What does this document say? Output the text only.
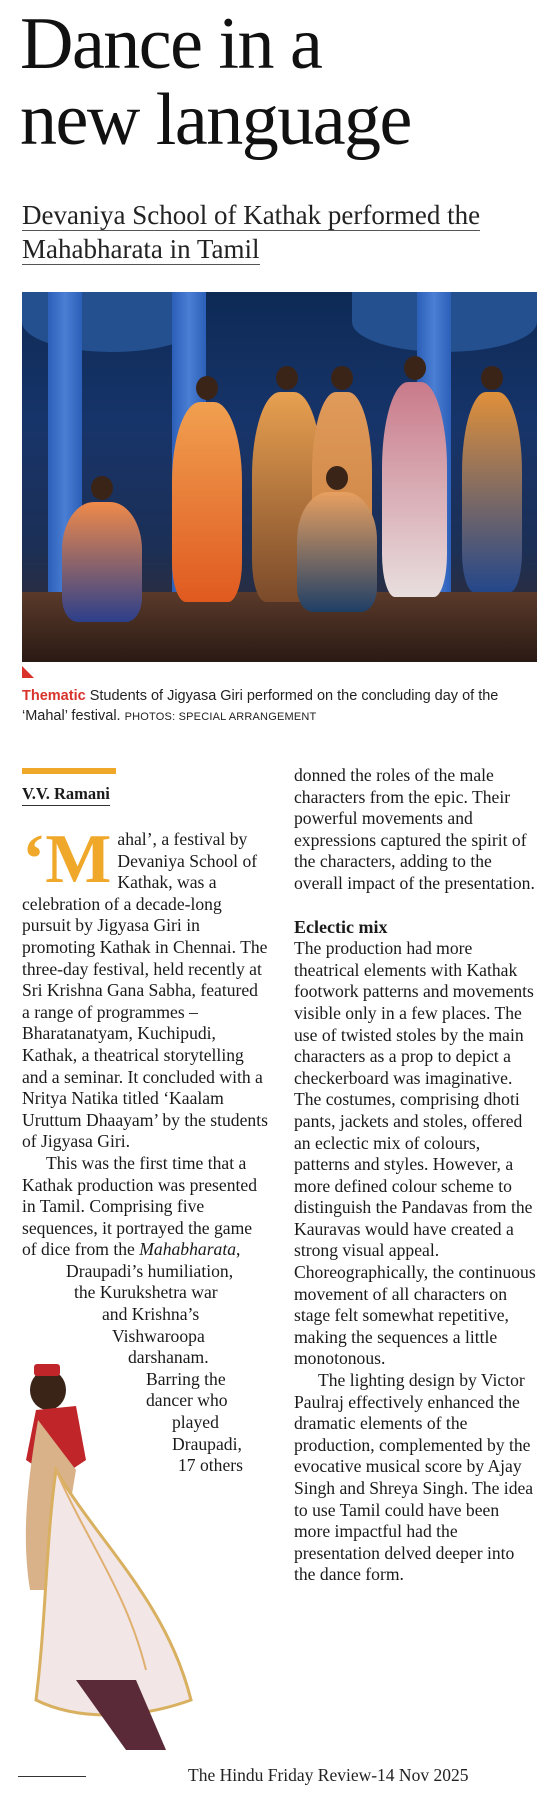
Dance in a
new language

Devaniya School of Kathak performed the Mahabharata in Tamil

Thematic Students of Jigyasa Giri performed on the concluding day of the ‘Mahal’ festival. PHOTOS: SPECIAL ARRANGEMENT

V.V. Ramani

‘Mahal’, a festival by Devaniya School of Kathak, was a celebration of a decade-long pursuit by Jigyasa Giri in promoting Kathak in Chennai. The three-day festival, held recently at Sri Krishna Gana Sabha, featured a range of programmes – Bharatanatyam, Kuchipudi, Kathak, a theatrical storytelling and a seminar. It concluded with a Nritya Natika titled ‘Kaalam Uruttum Dhaayam’ by the students of Jigyasa Giri.

This was the first time that a Kathak production was presented in Tamil. Comprising five sequences, it portrayed the game of dice from the Mahabharata,

Draupadi’s humiliation,
the Kurukshetra war
and Krishna’s
Vishwaroopa
darshanam.
Barring the
dancer who
played
Draupadi,
17 others

donned the roles of the male characters from the epic. Their powerful movements and expressions captured the spirit of the characters, adding to the overall impact of the presentation.

Eclectic mix

The production had more theatrical elements with Kathak footwork patterns and movements visible only in a few places. The use of twisted stoles by the main characters as a prop to depict a checkerboard was imaginative. The costumes, comprising dhoti pants, jackets and stoles, offered an eclectic mix of colours, patterns and styles. However, a more defined colour scheme to distinguish the Pandavas from the Kauravas would have created a strong visual appeal. Choreographically, the continuous movement of all characters on stage felt somewhat repetitive, making the sequences a little monotonous.

The lighting design by Victor Paulraj effectively enhanced the dramatic elements of the production, complemented by the evocative musical score by Ajay Singh and Shreya Singh. The idea to use Tamil could have been more impactful had the presentation delved deeper into the dance form.

The Hindu Friday Review-14 Nov 2025
